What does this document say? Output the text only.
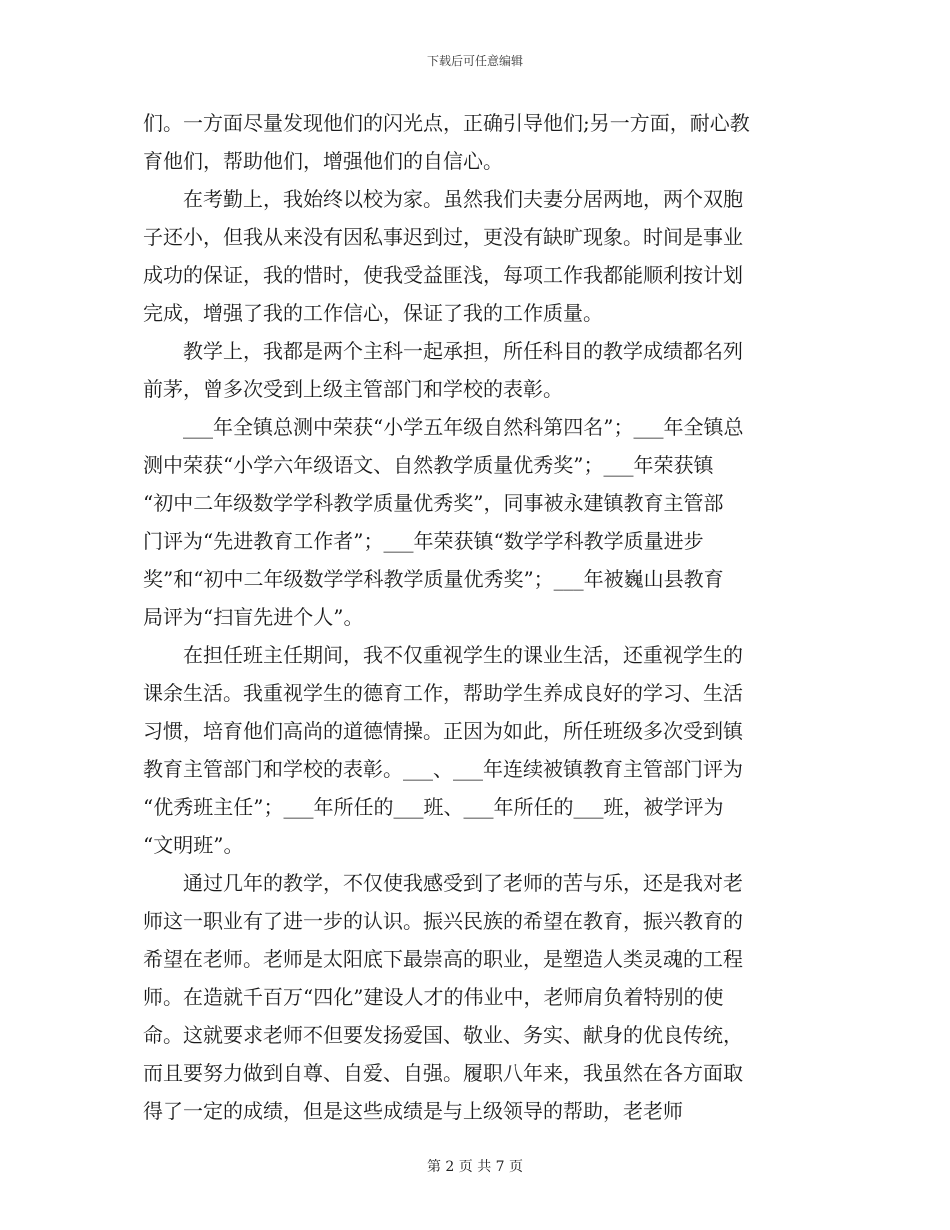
下载后可任意编辑
们。一方面尽量发现他们的闪光点，正确引导他们;另一方面，耐心教
育他们，帮助他们，增强他们的自信心。
在考勤上，我始终以校为家。虽然我们夫妻分居两地，两个双胞
子还小，但我从来没有因私事迟到过，更没有缺旷现象。时间是事业
成功的保证，我的惜时，使我受益匪浅，每项工作我都能顺利按计划
完成，增强了我的工作信心，保证了我的工作质量。
教学上，我都是两个主科一起承担，所任科目的教学成绩都名列
前茅，曾多次受到上级主管部门和学校的表彰。
___年全镇总测中荣获“小学五年级自然科第四名”；___年全镇总
测中荣获“小学六年级语文、自然教学质量优秀奖”；___年荣获镇
“初中二年级数学学科教学质量优秀奖”，同事被永建镇教育主管部
门评为“先进教育工作者”；___年荣获镇“数学学科教学质量进步
奖”和“初中二年级数学学科教学质量优秀奖”；___年被巍山县教育
局评为“扫盲先进个人”。
在担任班主任期间，我不仅重视学生的课业生活，还重视学生的
课余生活。我重视学生的德育工作，帮助学生养成良好的学习、生活
习惯，培育他们高尚的道德情操。正因为如此，所任班级多次受到镇
教育主管部门和学校的表彰。___、___年连续被镇教育主管部门评为
“优秀班主任”；___年所任的___班、___年所任的___班，被学评为
“文明班”。
通过几年的教学，不仅使我感受到了老师的苦与乐，还是我对老
师这一职业有了进一步的认识。振兴民族的希望在教育，振兴教育的
希望在老师。老师是太阳底下最崇高的职业，是塑造人类灵魂的工程
师。在造就千百万“四化”建设人才的伟业中，老师肩负着特别的使
命。这就要求老师不但要发扬爱国、敬业、务实、献身的优良传统，
而且要努力做到自尊、自爱、自强。履职八年来，我虽然在各方面取
得了一定的成绩，但是这些成绩是与上级领导的帮助，老老师
第 2 页 共 7 页
